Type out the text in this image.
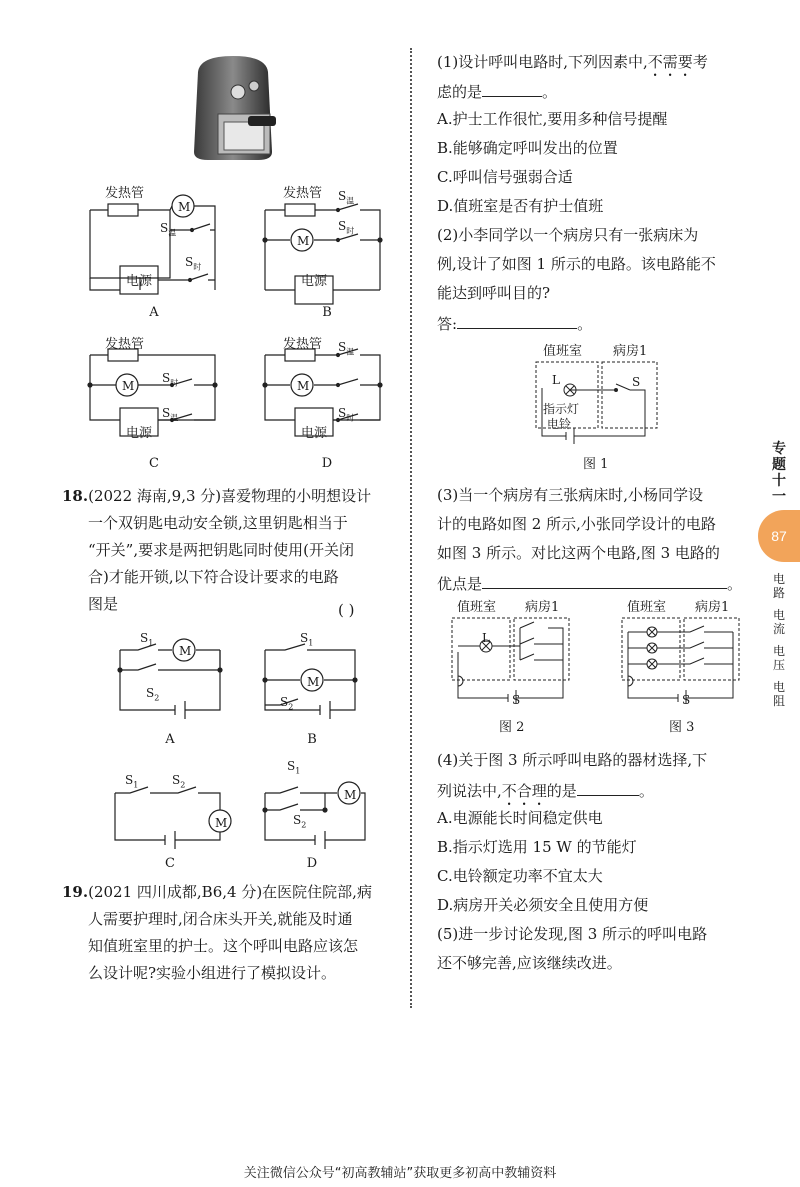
发热管	发热管
发热管	发热管
M
M
M	M
电源	电源
电源	电源
$S_温$
$S_时$
$S_温$
$S_时$
$S_时$
$S_温$
$S_温$
$S_时$
A	B
C	D
18.(2022 海南,9,3 分)喜爱物理的小明想设计
一个双钥匙电动安全锁,这里钥匙相当于
“开关”,要求是两把钥匙同时使用(开关闭
合)才能开锁,以下符合设计要求的电路
图是	( )
$S_1$
$S_2$
M
$S_1$
$S_2$
M
$S_1$	$S_2$
M
$S_1$
$S_2$
M
A	B
C	D
19.(2021 四川成都,B6,4 分)在医院住院部,病
人需要护理时,闭合床头开关,就能及时通
知值班室里的护士。这个呼叫电路应该怎
么设计呢?实验小组进行了模拟设计。
(1)设计呼叫电路时,下列因素中,不需要考
虑的是	。
A.护士工作很忙,要用多种信号提醒
B.能够确定呼叫发出的位置
C.呼叫信号强弱合适
D.值班室是否有护士值班
(2)小李同学以一个病房只有一张病床为
例,设计了如图 1 所示的电路。该电路能不
能达到呼叫目的?
答:	。
值班室 病房1
L
指示灯
电铃
S
图 1
(3)当一个病房有三张病床时,小杨同学设
计的电路如图 2 所示,小张同学设计的电路
如图 3 所示。对比这两个电路,图 3 电路的
优点是	。
值班室 病房1
L
S
图 2
值班室 病房1
S
图 3
(4)关于图 3 所示呼叫电路的器材选择,下
列说法中,不合理的是	。
A.电源能长时间稳定供电
B.指示灯选用 15 W 的节能灯
C.电铃额定功率不宜太大
D.病房开关必须安全且使用方便
(5)进一步讨论发现,图 3 所示的呼叫电路
还不够完善,应该继续改进。
专题十一
87
电路
电流
电压
电阻
关注微信公众号“初高教辅站”获取更多初高中教辅资料
